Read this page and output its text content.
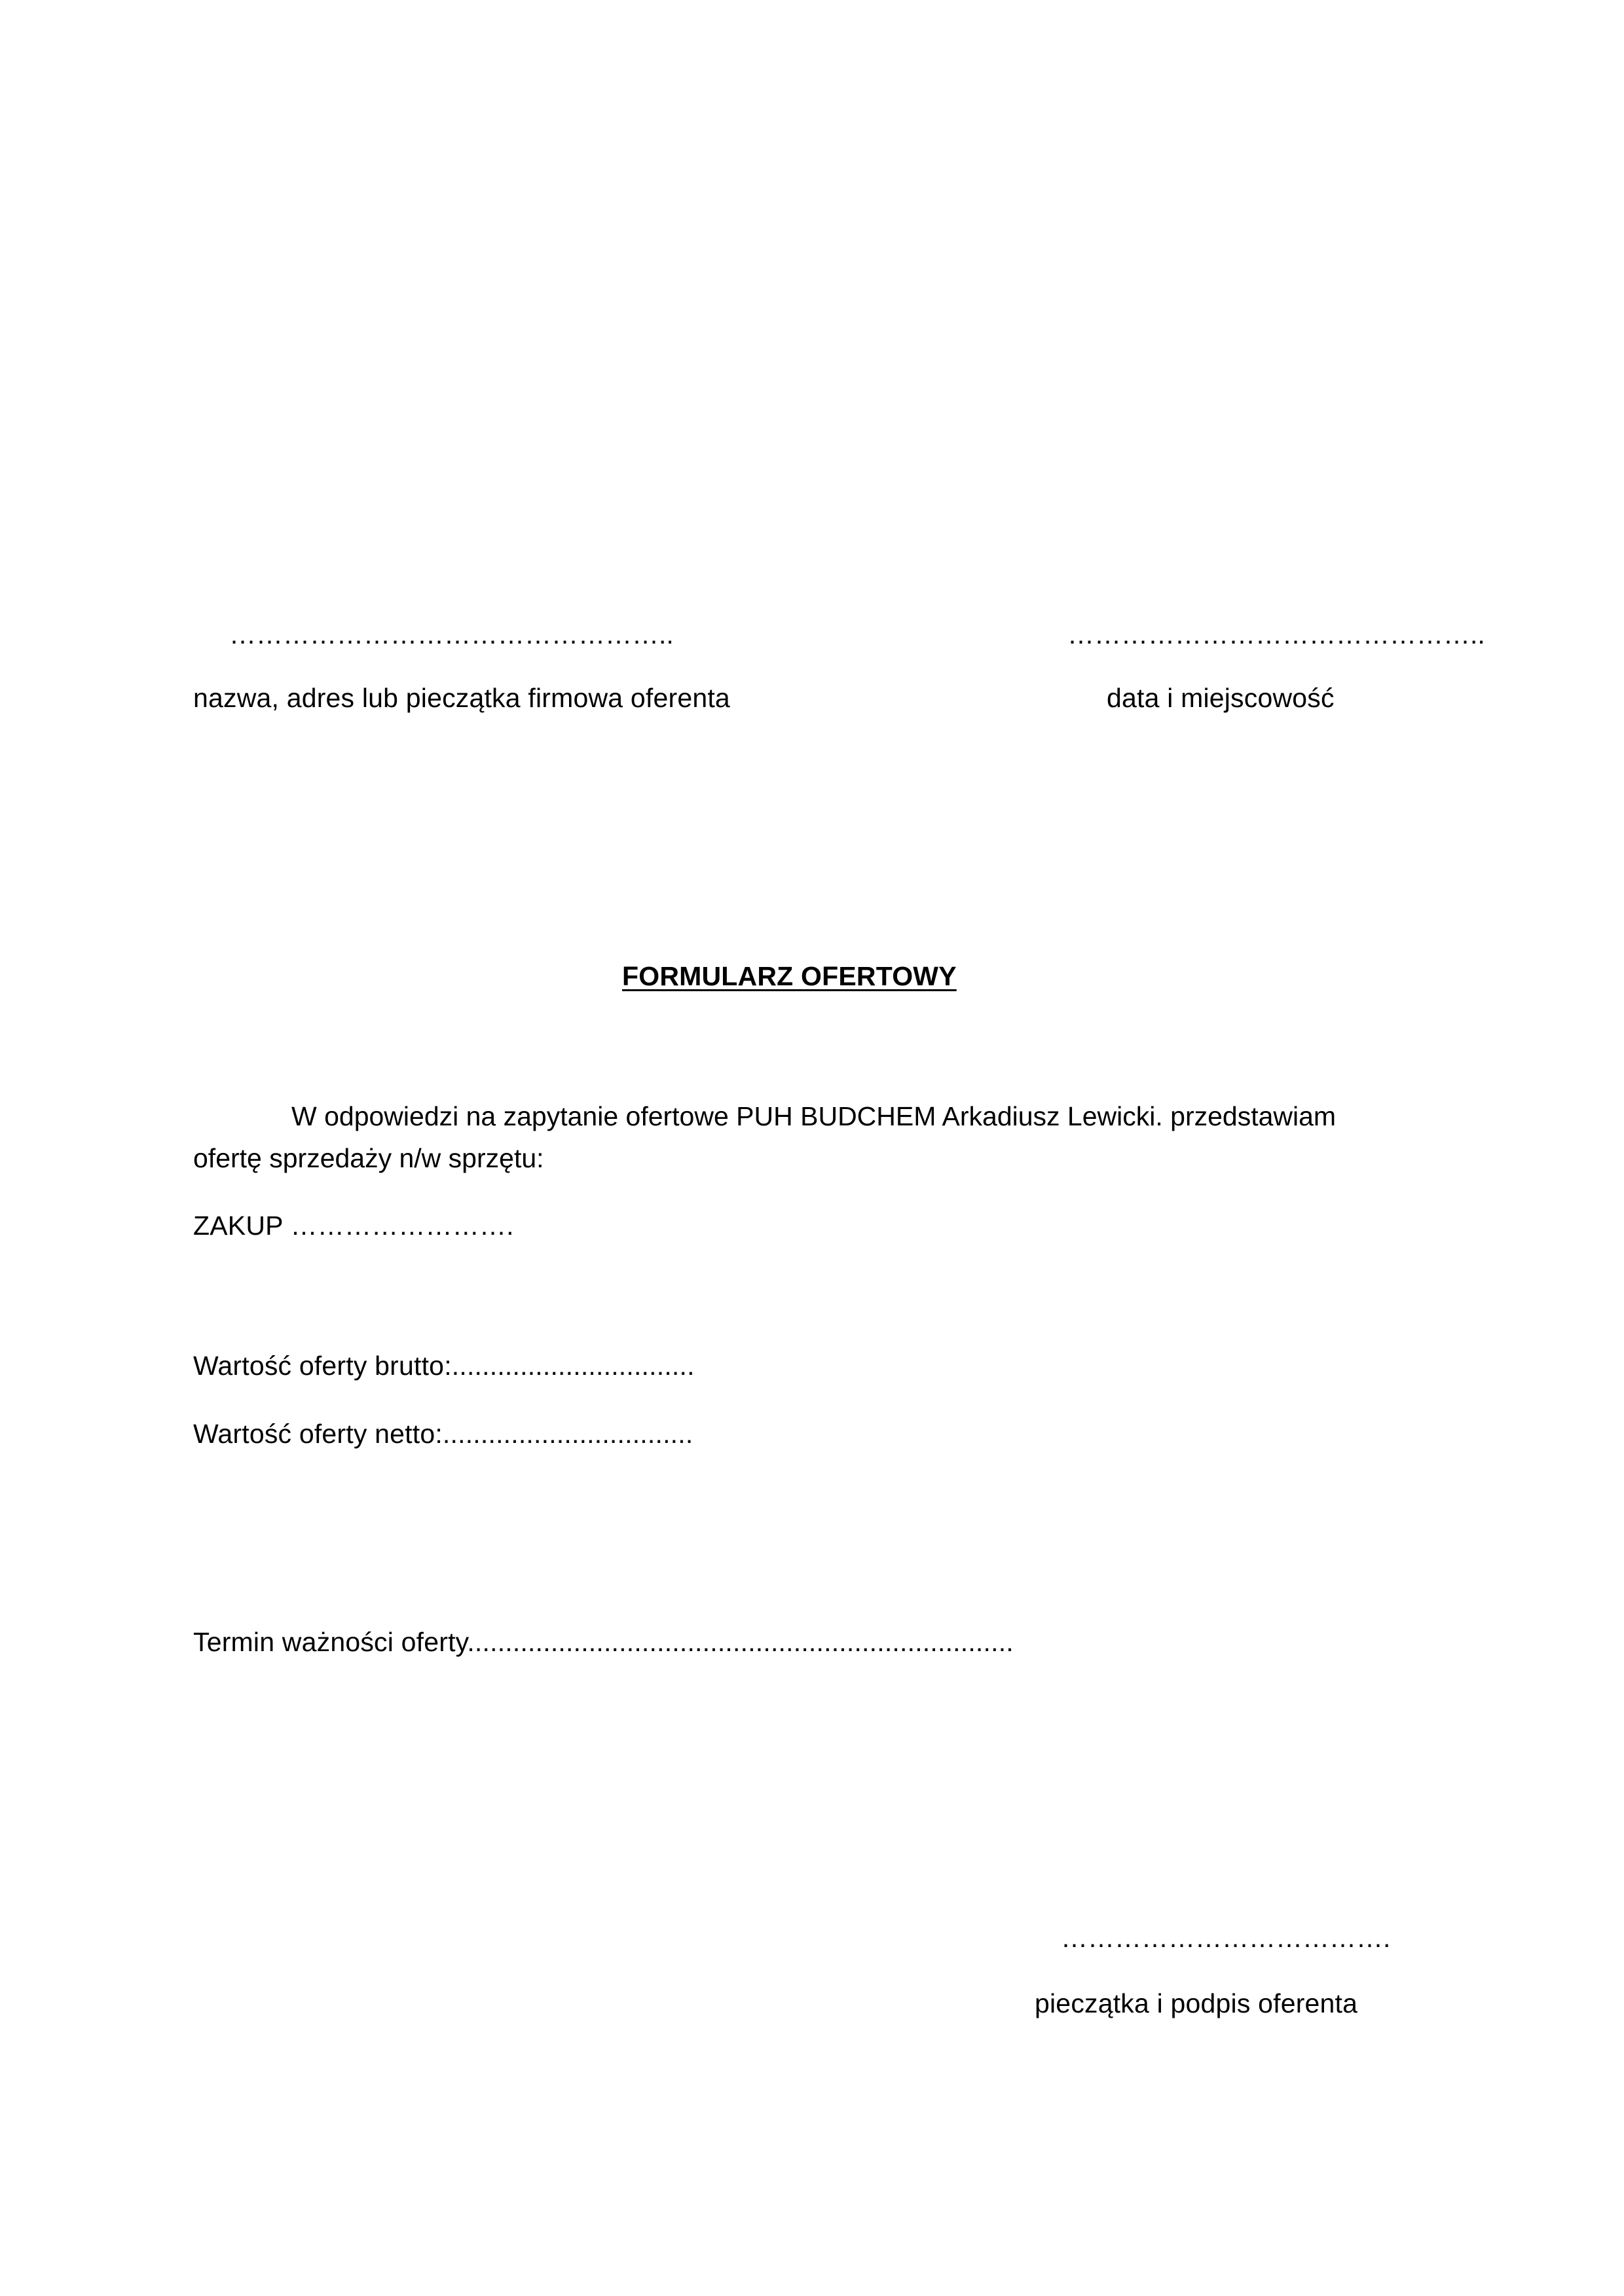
…………………………………………..	………………………………………..
nazwa, adres lub pieczątka firmowa oferenta	data i miejscowość
FORMULARZ OFERTOWY
W odpowiedzi na zapytanie ofertowe PUH BUDCHEM Arkadiusz Lewicki. przedstawiam
ofertę sprzedaży n/w sprzętu:
ZAKUP …………………….
Wartość oferty brutto:................................
Wartość oferty netto:.................................
Termin ważności oferty........................................................................
……………………………….
pieczątka i podpis oferenta
